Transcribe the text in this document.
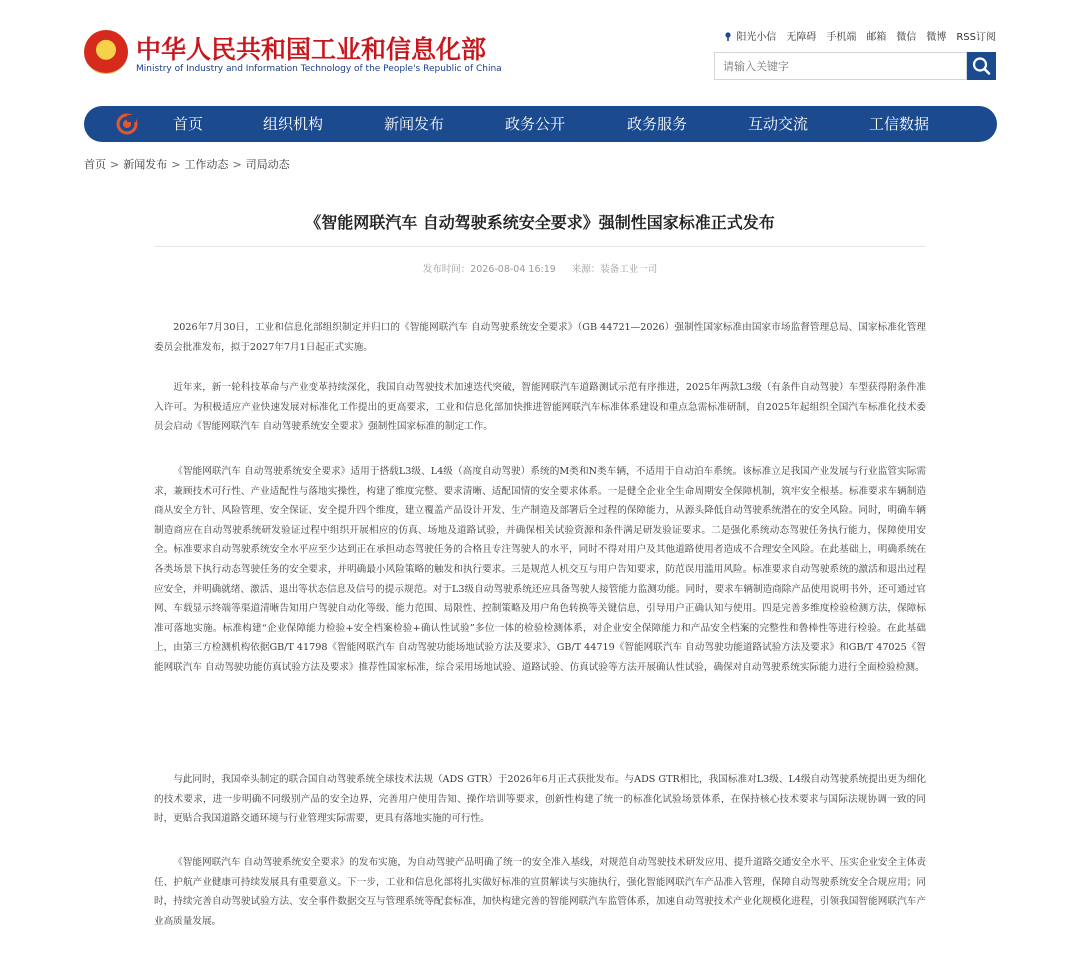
中华人民共和国工业和信息化部
Ministry of Industry and Information Technology of the People's Republic of China
阳光小信 无障碍 手机端 邮箱 微信 微博 RSS订阅
请输入关键字
首页	组织机构	新闻发布	政务公开	政务服务	互动交流	工信数据
首页 > 新闻发布 > 工作动态 > 司局动态
《智能网联汽车 自动驾驶系统安全要求》强制性国家标准正式发布
发布时间：2026-08-04 16:19 来源：装备工业一司

2026年7月30日，工业和信息化部组织制定并归口的《智能网联汽车 自动驾驶系统安全要求》（GB 44721—2026）强制性国家标准由国家市场监督管理总局、国家标准化管理委员会批准发布，拟于2027年7月1日起正式实施。

近年来，新一轮科技革命与产业变革持续深化，我国自动驾驶技术加速迭代突破，智能网联汽车道路测试示范有序推进，2025年两款L3级（有条件自动驾驶）车型获得附条件准入许可。为积极适应产业快速发展对标准化工作提出的更高要求，工业和信息化部加快推进智能网联汽车标准体系建设和重点急需标准研制，自2025年起组织全国汽车标准化技术委员会启动《智能网联汽车 自动驾驶系统安全要求》强制性国家标准的制定工作。

《智能网联汽车 自动驾驶系统安全要求》适用于搭载L3级、L4级（高度自动驾驶）系统的M类和N类车辆，不适用于自动泊车系统。该标准立足我国产业发展与行业监管实际需求，兼顾技术可行性、产业适配性与落地实操性，构建了维度完整、要求清晰、适配国情的安全要求体系。一是健全企业全生命周期安全保障机制，筑牢安全根基。标准要求车辆制造商从安全方针、风险管理、安全保证、安全提升四个维度，建立覆盖产品设计开发、生产制造及部署后全过程的保障能力，从源头降低自动驾驶系统潜在的安全风险。同时，明确车辆制造商应在自动驾驶系统研发验证过程中组织开展相应的仿真、场地及道路试验，并确保相关试验资源和条件满足研发验证要求。二是强化系统动态驾驶任务执行能力，保障使用安全。标准要求自动驾驶系统安全水平应至少达到正在承担动态驾驶任务的合格且专注驾驶人的水平，同时不得对用户及其他道路使用者造成不合理安全风险。在此基础上，明确系统在各类场景下执行动态驾驶任务的安全要求，并明确最小风险策略的触发和执行要求。三是规范人机交互与用户告知要求，防范误用滥用风险。标准要求自动驾驶系统的激活和退出过程应安全，并明确就绪、激活、退出等状态信息及信号的提示规范。对于L3级自动驾驶系统还应具备驾驶人接管能力监测功能。同时，要求车辆制造商除产品使用说明书外，还可通过官网、车载显示终端等渠道清晰告知用户驾驶自动化等级、能力范围、局限性、控制策略及用户角色转换等关键信息，引导用户正确认知与使用。四是完善多维度检验检测方法，保障标准可落地实施。标准构建“企业保障能力检验+安全档案检验+确认性试验”多位一体的检验检测体系，对企业安全保障能力和产品安全档案的完整性和鲁棒性等进行检验。在此基础上，由第三方检测机构依据GB/T 41798《智能网联汽车 自动驾驶功能场地试验方法及要求》、GB/T 44719《智能网联汽车 自动驾驶功能道路试验方法及要求》和GB/T 47025《智能网联汽车 自动驾驶功能仿真试验方法及要求》推荐性国家标准，综合采用场地试验、道路试验、仿真试验等方法开展确认性试验，确保对自动驾驶系统实际能力进行全面检验检测。

与此同时，我国牵头制定的联合国自动驾驶系统全球技术法规（ADS GTR）于2026年6月正式获批发布。与ADS GTR相比，我国标准对L3级、L4级自动驾驶系统提出更为细化的技术要求，进一步明确不同级别产品的安全边界，完善用户使用告知、操作培训等要求，创新性构建了统一的标准化试验场景体系，在保持核心技术要求与国际法规协调一致的同时，更贴合我国道路交通环境与行业管理实际需要，更具有落地实施的可行性。

《智能网联汽车 自动驾驶系统安全要求》的发布实施，为自动驾驶产品明确了统一的安全准入基线，对规范自动驾驶技术研发应用、提升道路交通安全水平、压实企业安全主体责任、护航产业健康可持续发展具有重要意义。下一步，工业和信息化部将扎实做好标准的宣贯解读与实施执行，强化智能网联汽车产品准入管理，保障自动驾驶系统安全合规应用；同时，持续完善自动驾驶试验方法、安全事件数据交互与管理系统等配套标准，加快构建完善的智能网联汽车监管体系，加速自动驾驶技术产业化规模化进程，引领我国智能网联汽车产业高质量发展。
